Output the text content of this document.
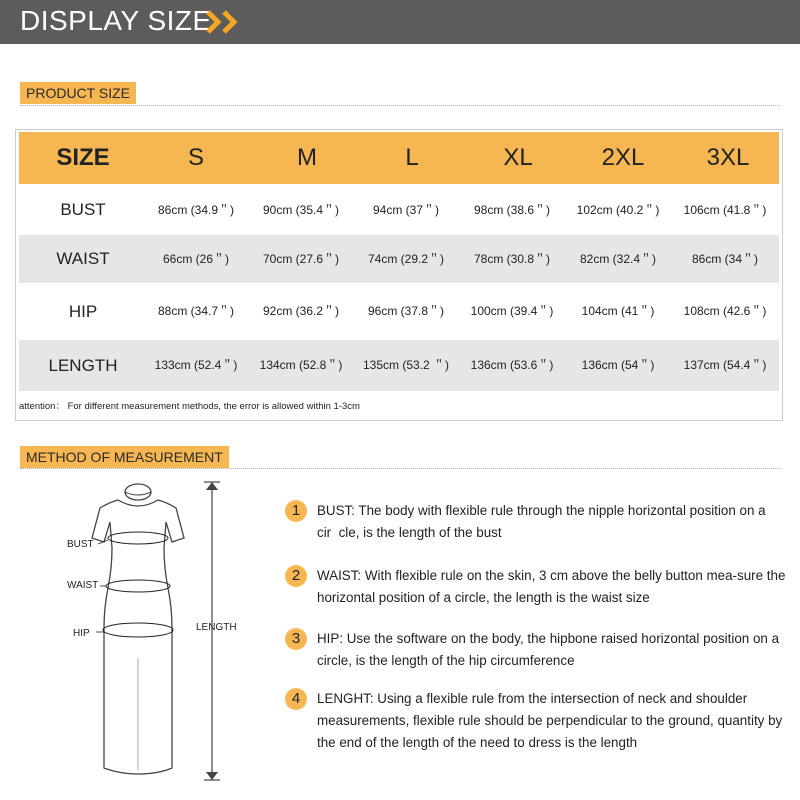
DISPLAY SIZE
PRODUCT SIZE
SIZE	S	M	L	XL	2XL	3XL
BUST	86cm (34.9＂)	90cm (35.4＂)	94cm (37＂)	98cm (38.6＂)	102cm (40.2＂)	106cm (41.8＂)
WAIST	66cm (26＂)	70cm (27.6＂)	74cm (29.2＂)	78cm (30.8＂)	82cm (32.4＂)	86cm (34＂)
HIP	88cm (34.7＂)	92cm (36.2＂)	96cm (37.8＂)	100cm (39.4＂)	104cm (41＂)	108cm (42.6＂)
LENGTH	133cm (52.4＂)	134cm (52.8＂)	135cm (53.2 ＂)	136cm (53.6＂)	136cm (54＂)	137cm (54.4＂)
attention： For different measurement methods, the error is allowed within 1-3cm
METHOD OF MEASUREMENT
BUST
WAIST
HIP
LENGTH
1	BUST: The body with flexible rule through the nipple horizontal position on a cir  cle, is the length of the bust
2	WAIST: With flexible rule on the skin, 3 cm above the belly button mea-sure the horizontal position of a circle, the length is the waist size
3	HIP: Use the software on the body, the hipbone raised horizontal position on a circle, is the length of the hip circumference
4	LENGHT: Using a flexible rule from the intersection of neck and shoulder measurements, flexible rule should be perpendicular to the ground, quantity by the end of the length of the need to dress is the length
